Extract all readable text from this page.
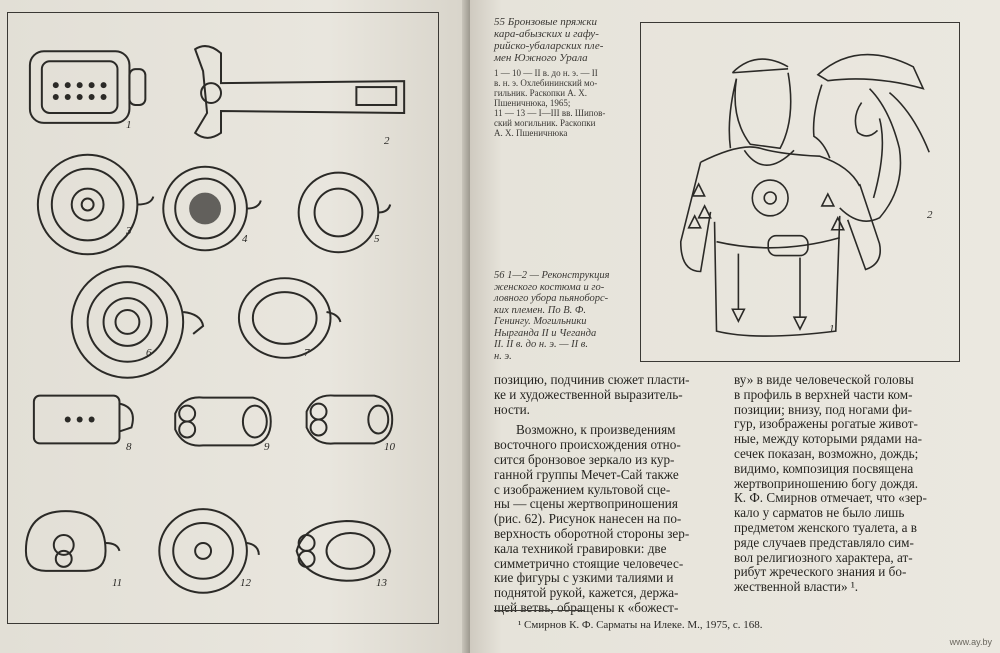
1
2
3
4	5
6	7
8	9	10
11	12	13
55 Бронзовые пряжки
кара-абызских и гафу-
рийско-убаларских пле-
мен Южного Урала
1 — 10 — II в. до н. э. — II
в. н. э. Охлебининский мо-
гильник. Раскопки А. Х.
Пшеничнюка, 1965;
11 — 13 — I—III вв. Шипов-
ский могильник. Раскопки
А. Х. Пшеничнюка
56 1—2 — Реконструкция
женского костюма и го-
ловного убора пьяноборс-
ких племен. По В. Ф.
Генингу. Могильники
Нырганда II и Чеганда
II. II в. до н. э. — II в.
н. э.
1
2

позицию, подчинив сюжет пласти-
ке и художественной выразитель-
ности.

Возможно, к произведениям
восточного происхождения отно-
сится бронзовое зеркало из кур-
ганной группы Мечет-Сай также
с изображением культовой сце-
ны — сцены жертвоприношения
(рис. 62). Рисунок нанесен на по-
верхность оборотной стороны зер-
кала техникой гравировки: две
симметрично стоящие человечес-
кие фигуры с узкими талиями и
поднятой рукой, кажется, держа-
щей ветвь, обращены к «божест-

ву» в виде человеческой головы
в профиль в верхней части ком-
позиции; внизу, под ногами фи-
гур, изображены рогатые живот-
ные, между которыми рядами на-
сечек показан, возможно, дождь;
видимо, композиция посвящена
жертвоприношению богу дождя.
К. Ф. Смирнов отмечает, что «зер-
кало у сарматов не было лишь
предметом женского туалета, а в
ряде случаев представляло сим-
вол религиозного характера, ат-
рибут жреческого знания и бо-
жественной власти» ¹.

¹ Смирнов К. Ф. Сарматы на Илеке. М., 1975, с. 168.
www.ay.by
